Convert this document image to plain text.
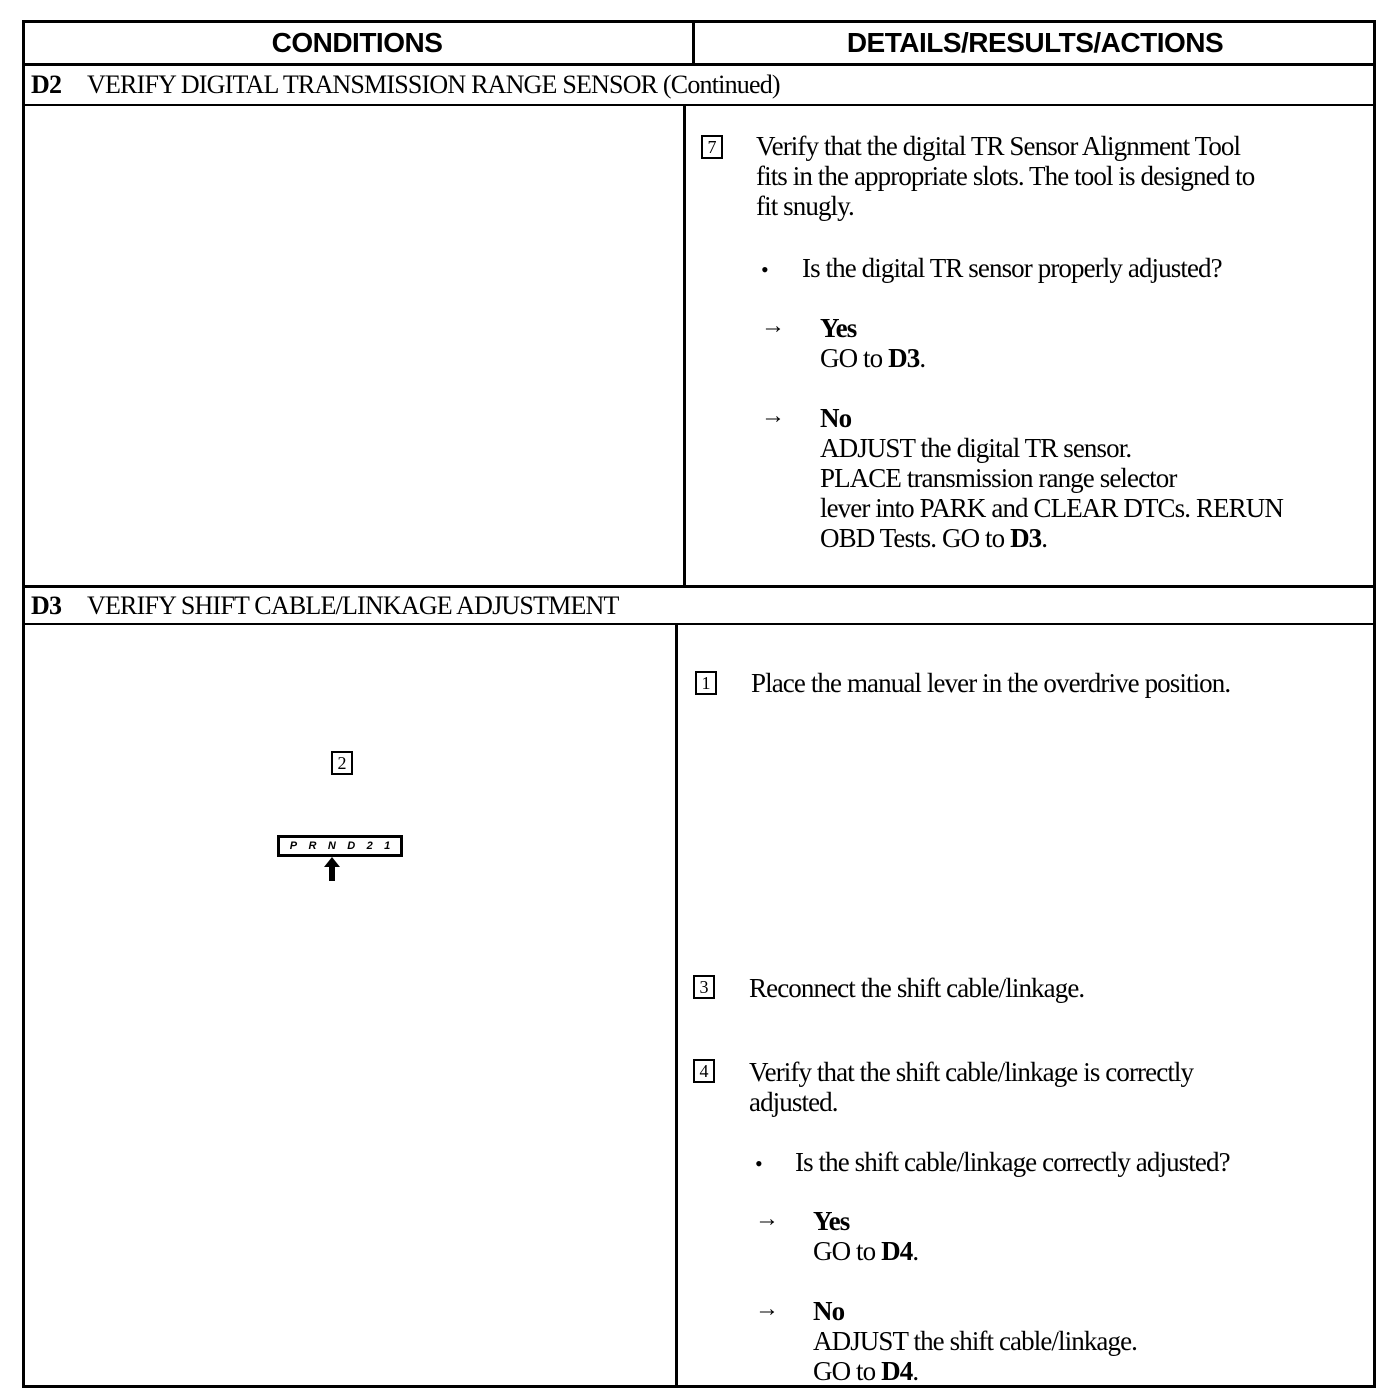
CONDITIONS	DETAILS/RESULTS/ACTIONS
D2 VERIFY DIGITAL TRANSMISSION RANGE SENSOR (Continued)
7 Verify that the digital TR Sensor Alignment Tool
fits in the appropriate slots. The tool is designed to
fit snugly.
• Is the digital TR sensor properly adjusted?
→ Yes
GO to D3.
→ No
ADJUST the digital TR sensor.
PLACE transmission range selector
lever into PARK and CLEAR DTCs. RERUN
OBD Tests. GO to D3.
D3 VERIFY SHIFT CABLE/LINKAGE ADJUSTMENT
2
P R N D 2 1
1 Place the manual lever in the overdrive position.
3 Reconnect the shift cable/linkage.
4 Verify that the shift cable/linkage is correctly
adjusted.
• Is the shift cable/linkage correctly adjusted?
→ Yes
GO to D4.
→ No
ADJUST the shift cable/linkage.
GO to D4.
